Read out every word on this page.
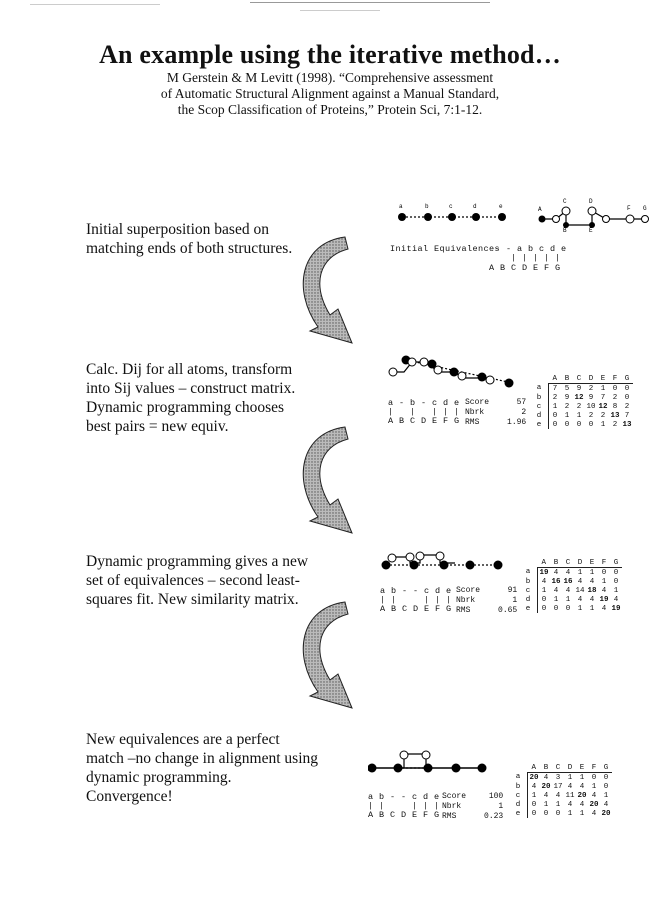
An example using the iterative method…
M Gerstein & M Levitt (1998). “Comprehensive assessment
of Automatic Structural Alignment against a Manual Standard,
the Scop Classification of Proteins,” Protein Sci, 7:1-12.
Initial superposition based on
matching ends of both structures.
Calc. Dij for all atoms, transform
into Sij values – construct matrix.
Dynamic programming chooses
best pairs = new equiv.
Dynamic programming gives a new
set of equivalences – second least-
squares fit. New similarity matrix.
New equivalences are a perfect
match –no change in alignment using
dynamic programming.
Convergence!
a	b	c	d	e	A
B
C	D
E
F G
Initial Equivalences
- - a b c d e
| | | | |
A B C D E F G
a - b - c d e
|   |   | | |
A B C D E F G
Score	57
Nbrk	2
RMS	1.96
	A	B	C	D	E	F	G
a	7	5	9	2	1	0	0
b	2	9	12	9	7	2	0
c	1	2	2	10	12	8	2
d	0	1	1	2	2	13	7
e	0	0	0	0	1	2	13
a b - - c d e
| |     | | |
A B C D E F G
Score	91
Nbrk	1
RMS	0.65
	A	B	C	D	E	F	G
a	19	4	4	1	1	0	0
b	4	16	16	4	4	1	0
c	1	4	4	14	18	4	1
d	0	1	1	4	4	19	4
e	0	0	0	1	1	4	19
a b - - c d e
| |     | | |
A B C D E F G
Score	100
Nbrk	1
RMS	0.23
	A	B	C	D	E	F	G
a	20	4	3	1	1	0	0
b	4	20	17	4	4	1	0
c	1	4	4	11	20	4	1
d	0	1	1	4	4	20	4
e	0	0	0	1	1	4	20
